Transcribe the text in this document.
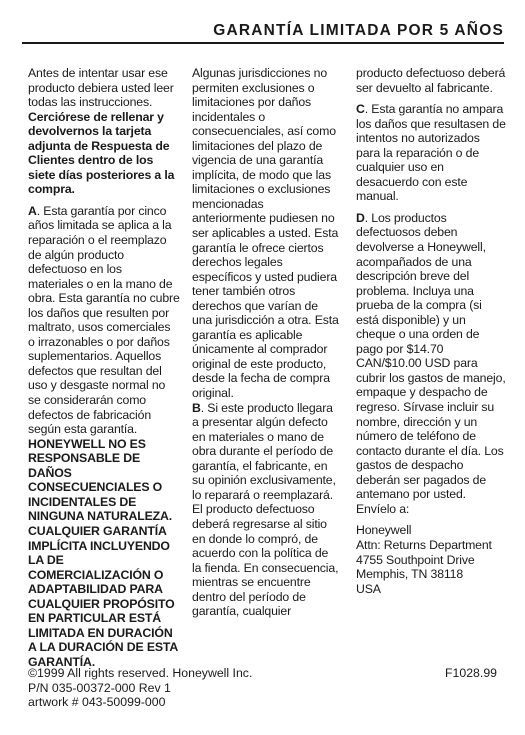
GARANTÍA LIMITADA POR 5 AÑOS

Antes de intentar usar ese producto debiera usted leer todas las instrucciones. Cerciórese de rellenar y devolvernos la tarjeta adjunta de Respuesta de Clientes dentro de los siete días posteriores a la compra.

A. Esta garantía por cinco años limitada se aplica a la reparación o el reemplazo de algún producto defectuoso en los materiales o en la mano de obra. Esta garantía no cubre los daños que resulten por maltrato, usos comerciales o irrazonables o por daños suplementarios. Aquellos defectos que resultan del uso y desgaste normal no se considerarán como defectos de fabricación según esta garantía. HONEYWELL NO ES RESPONSABLE DE DAÑOS CONSECUENCIALES O INCIDENTALES DE NINGUNA NATURALEZA. CUALQUIER GARANTÍA IMPLÍCITA INCLUYENDO LA DE COMERCIALIZACIÓN O ADAPTABILIDAD PARA CUALQUIER PROPÓSITO EN PARTICULAR ESTÁ LIMITADA EN DURACIÓN A LA DURACIÓN DE ESTA GARANTÍA.

Algunas jurisdicciones no permiten exclusiones o limitaciones por daños incidentales o consecuenciales, así como limitaciones del plazo de vigencia de una garantía implícita, de modo que las limitaciones o exclusiones mencionadas anteriormente pudiesen no ser aplicables a usted. Esta garantía le ofrece ciertos derechos legales específicos y usted pudiera tener también otros derechos que varían de una jurisdicción a otra. Esta garantía es aplicable únicamente al comprador original de este producto, desde la fecha de compra original.

B. Si este producto llegara a presentar algún defecto en materiales o mano de obra durante el período de garantía, el fabricante, en su opinión exclusivamente, lo reparará o reemplazará. El producto defectuoso deberá regresarse al sitio en donde lo compró, de acuerdo con la política de la fienda. En consecuencia, mientras se encuentre dentro del período de garantía, cualquier

producto defectuoso deberá ser devuelto al fabricante.

C. Esta garantía no ampara los daños que resultasen de intentos no autorizados para la reparación o de cualquier uso en desacuerdo con este manual.

D. Los productos defectuosos deben devolverse a Honeywell, acompañados de una descripción breve del problema. Incluya una prueba de la compra (si está disponible) y un cheque o una orden de pago por $14.70 CAN/$10.00 USD para cubrir los gastos de manejo, empaque y despacho de regreso. Sírvase incluir su nombre, dirección y un número de teléfono de contacto durante el día. Los gastos de despacho deberán ser pagados de antemano por usted. Envíelo a:

Honeywell
Attn: Returns Department
4755 Southpoint Drive
Memphis, TN 38118
USA

©1999 All rights reserved. Honeywell Inc.
P/N 035-00372-000 Rev 1
artwork # 043-50099-000
F1028.99
